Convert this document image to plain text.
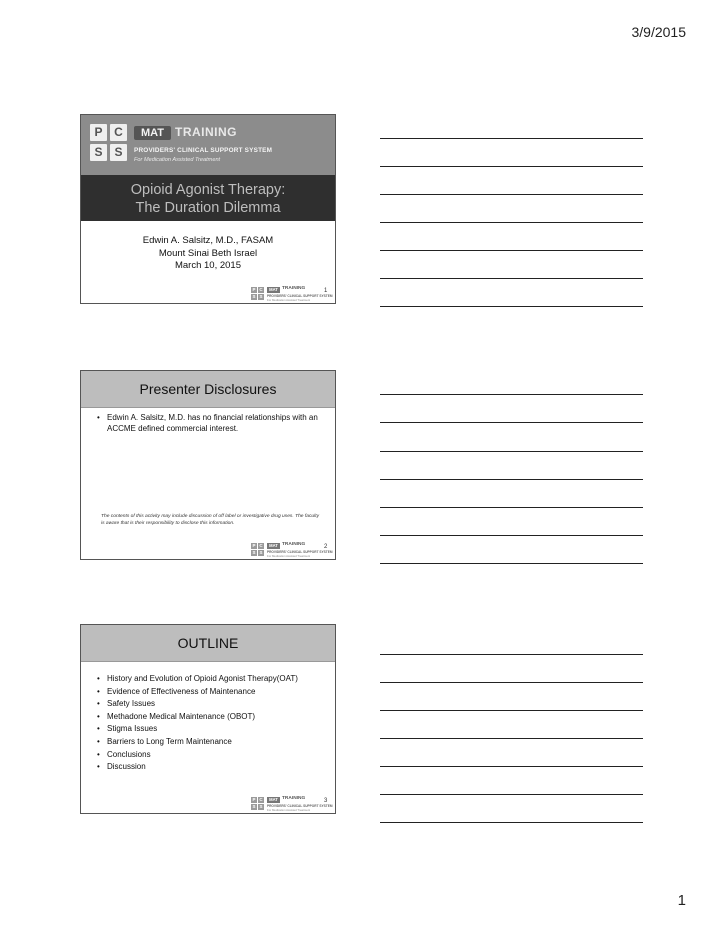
3/9/2015
P C
S S
MAT TRAINING
PROVIDERS' CLINICAL SUPPORT SYSTEM
For Medication Assisted Treatment
Opioid Agonist Therapy:
The Duration Dilemma
Edwin A. Salsitz, M.D., FASAM
Mount Sinai Beth Israel
March 10, 2015
P C
S S
MAT TRAINING
PROVIDERS' CLINICAL SUPPORT SYSTEM
For Medication Assisted Treatment
1
Presenter Disclosures
• Edwin A. Salsitz, M.D. has no financial relationships with an ACCME defined commercial interest.
The contents of this activity may include discussion of off label or investigative drug uses. The faculty is aware that is their responsibility to disclose this information.
P C
S S
MAT TRAINING
PROVIDERS' CLINICAL SUPPORT SYSTEM
For Medication Assisted Treatment
2
OUTLINE
• History and Evolution of Opioid Agonist Therapy(OAT)
• Evidence of Effectiveness of Maintenance
• Safety Issues
• Methadone Medical Maintenance (OBOT)
• Stigma Issues
• Barriers to Long Term Maintenance
• Conclusions
• Discussion
P C
S S
MAT TRAINING
PROVIDERS' CLINICAL SUPPORT SYSTEM
For Medication Assisted Treatment
3
1
